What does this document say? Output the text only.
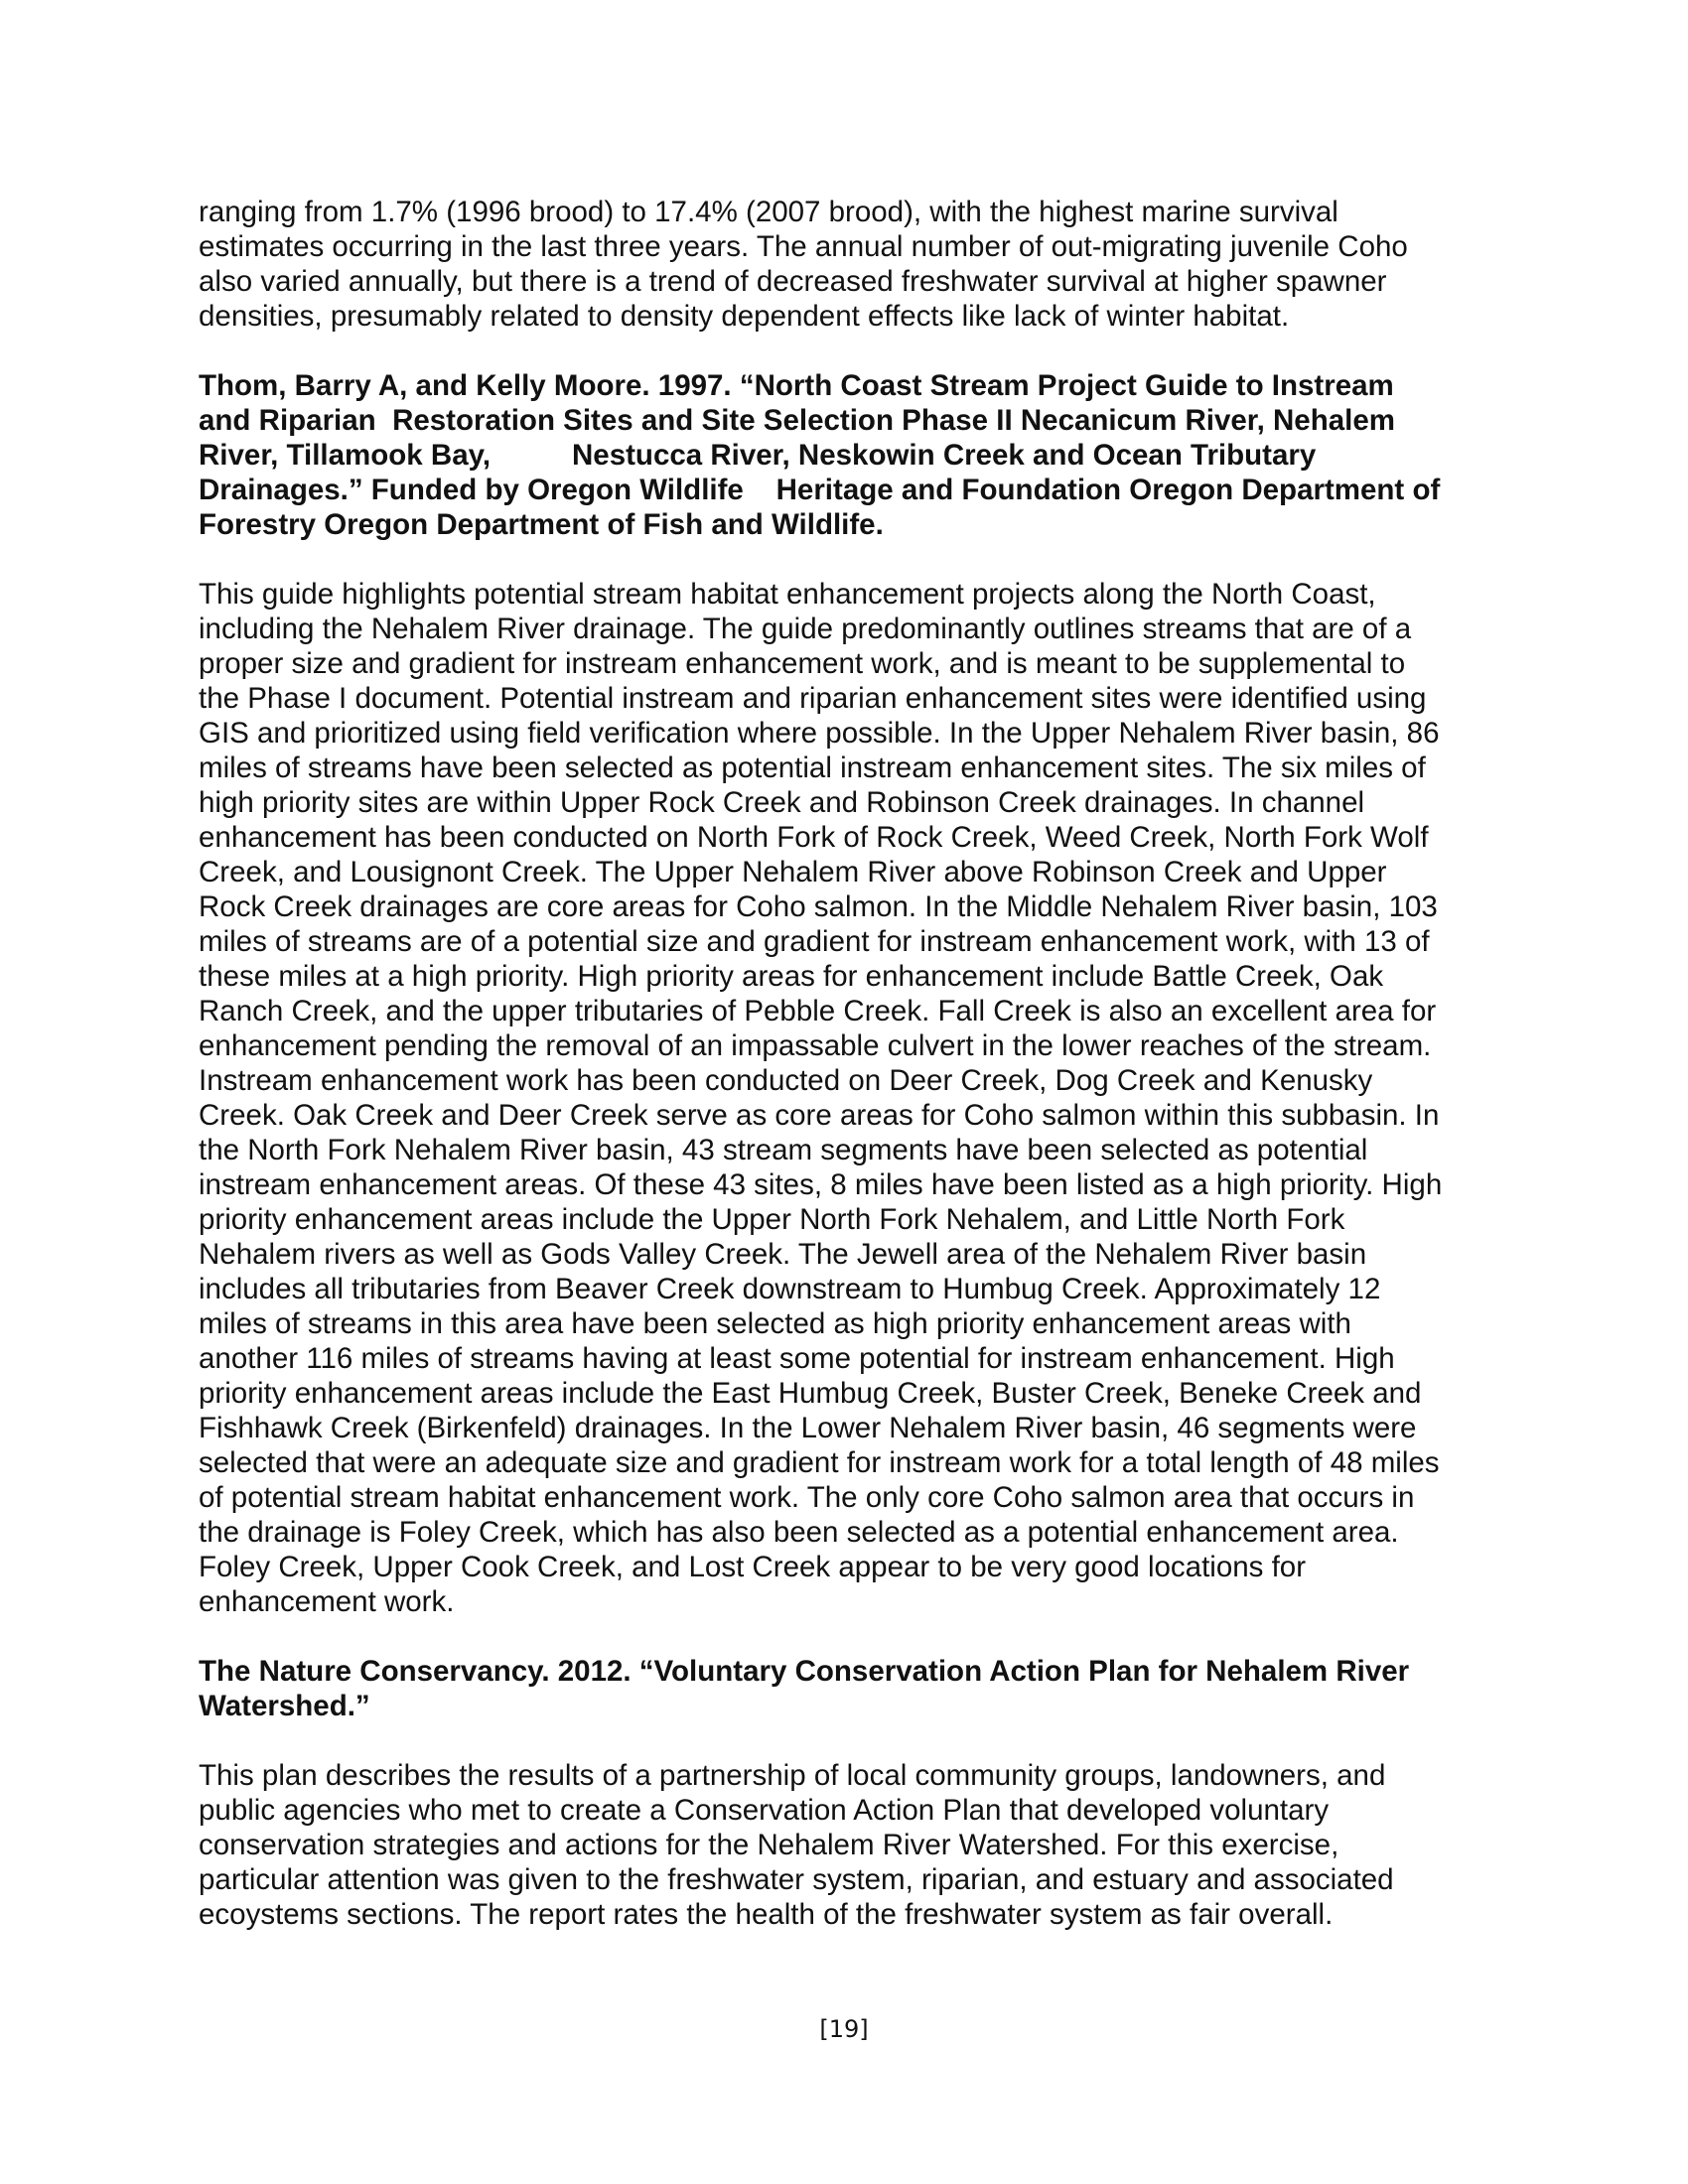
ranging from 1.7% (1996 brood) to 17.4% (2007 brood), with the highest marine survival
estimates occurring in the last three years. The annual number of out-migrating juvenile Coho
also varied annually, but there is a trend of decreased freshwater survival at higher spawner
densities, presumably related to density dependent effects like lack of winter habitat.

Thom, Barry A, and Kelly Moore. 1997. “North Coast Stream Project Guide to Instream
and Riparian  Restoration Sites and Site Selection Phase II Necanicum River, Nehalem
River, Tillamook Bay,          Nestucca River, Neskowin Creek and Ocean Tributary
Drainages.” Funded by Oregon Wildlife    Heritage and Foundation Oregon Department of
Forestry Oregon Department of Fish and Wildlife.

This guide highlights potential stream habitat enhancement projects along the North Coast,
including the Nehalem River drainage. The guide predominantly outlines streams that are of a
proper size and gradient for instream enhancement work, and is meant to be supplemental to
the Phase I document. Potential instream and riparian enhancement sites were identified using
GIS and prioritized using field verification where possible. In the Upper Nehalem River basin, 86
miles of streams have been selected as potential instream enhancement sites. The six miles of
high priority sites are within Upper Rock Creek and Robinson Creek drainages. In channel
enhancement has been conducted on North Fork of Rock Creek, Weed Creek, North Fork Wolf
Creek, and Lousignont Creek. The Upper Nehalem River above Robinson Creek and Upper
Rock Creek drainages are core areas for Coho salmon. In the Middle Nehalem River basin, 103
miles of streams are of a potential size and gradient for instream enhancement work, with 13 of
these miles at a high priority. High priority areas for enhancement include Battle Creek, Oak
Ranch Creek, and the upper tributaries of Pebble Creek. Fall Creek is also an excellent area for
enhancement pending the removal of an impassable culvert in the lower reaches of the stream.
Instream enhancement work has been conducted on Deer Creek, Dog Creek and Kenusky
Creek. Oak Creek and Deer Creek serve as core areas for Coho salmon within this subbasin. In
the North Fork Nehalem River basin, 43 stream segments have been selected as potential
instream enhancement areas. Of these 43 sites, 8 miles have been listed as a high priority. High
priority enhancement areas include the Upper North Fork Nehalem, and Little North Fork
Nehalem rivers as well as Gods Valley Creek. The Jewell area of the Nehalem River basin
includes all tributaries from Beaver Creek downstream to Humbug Creek. Approximately 12
miles of streams in this area have been selected as high priority enhancement areas with
another 116 miles of streams having at least some potential for instream enhancement. High
priority enhancement areas include the East Humbug Creek, Buster Creek, Beneke Creek and
Fishhawk Creek (Birkenfeld) drainages. In the Lower Nehalem River basin, 46 segments were
selected that were an adequate size and gradient for instream work for a total length of 48 miles
of potential stream habitat enhancement work. The only core Coho salmon area that occurs in
the drainage is Foley Creek, which has also been selected as a potential enhancement area.
Foley Creek, Upper Cook Creek, and Lost Creek appear to be very good locations for
enhancement work.

The Nature Conservancy. 2012. “Voluntary Conservation Action Plan for Nehalem River
Watershed.”

This plan describes the results of a partnership of local community groups, landowners, and
public agencies who met to create a Conservation Action Plan that developed voluntary
conservation strategies and actions for the Nehalem River Watershed. For this exercise,
particular attention was given to the freshwater system, riparian, and estuary and associated
ecoystems sections. The report rates the health of the freshwater system as fair overall.

[19]
